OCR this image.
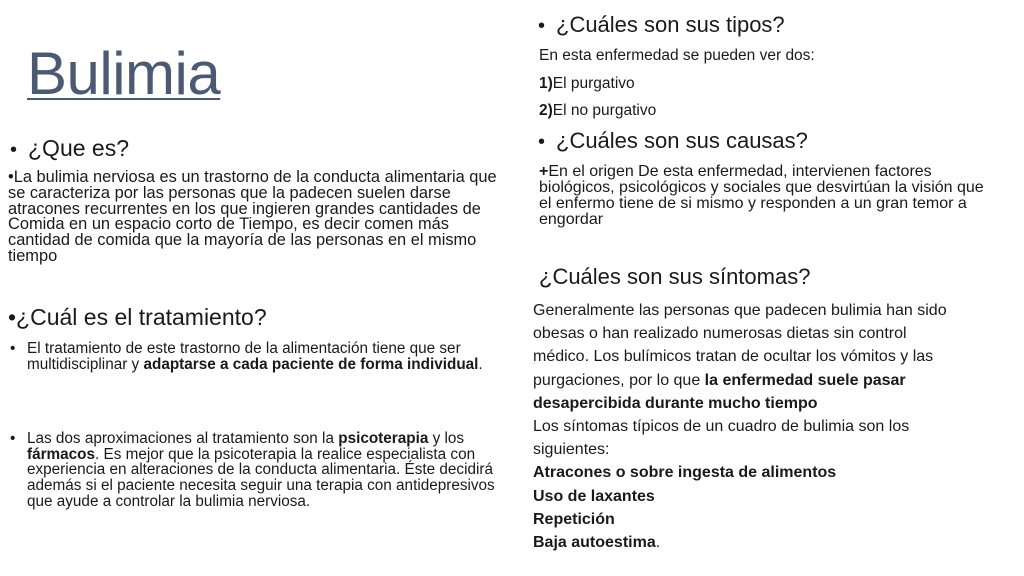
Bulimia
• ¿Que es?
•La bulimia nerviosa es un trastorno de la conducta alimentaria que se caracteriza por las personas que la padecen suelen darse atracones recurrentes en los que ingieren grandes cantidades de Comida en un espacio corto de Tiempo, es decir comen más cantidad de comida que la mayoría de las personas en el mismo tiempo
•¿Cuál es el tratamiento?
• El tratamiento de este trastorno de la alimentación tiene que ser multidisciplinar y adaptarse a cada paciente de forma individual.
• Las dos aproximaciones al tratamiento son la psicoterapia y los fármacos. Es mejor que la psicoterapia la realice especialista con experiencia en alteraciones de la conducta alimentaria. Éste decidirá además si el paciente necesita seguir una terapia con antidepresivos que ayude a controlar la bulimia nerviosa.
• ¿Cuáles son sus tipos?
En esta enfermedad se pueden ver dos:
1)El purgativo
2)El no purgativo
• ¿Cuáles son sus causas?
+En el origen De esta enfermedad, intervienen factores biológicos, psicológicos y sociales que desvirtúan la visión que el enfermo tiene de si mismo y responden a un gran temor a engordar
¿Cuáles son sus síntomas?
Generalmente las personas que padecen bulimia han sido obesas o han realizado numerosas dietas sin control médico. Los bulímicos tratan de ocultar los vómitos y las purgaciones, por lo que la enfermedad suele pasar desapercibida durante mucho tiempo
Los síntomas típicos de un cuadro de bulimia son los siguientes:
Atracones o sobre ingesta de alimentos
Uso de laxantes
Repetición
Baja autoestima.
